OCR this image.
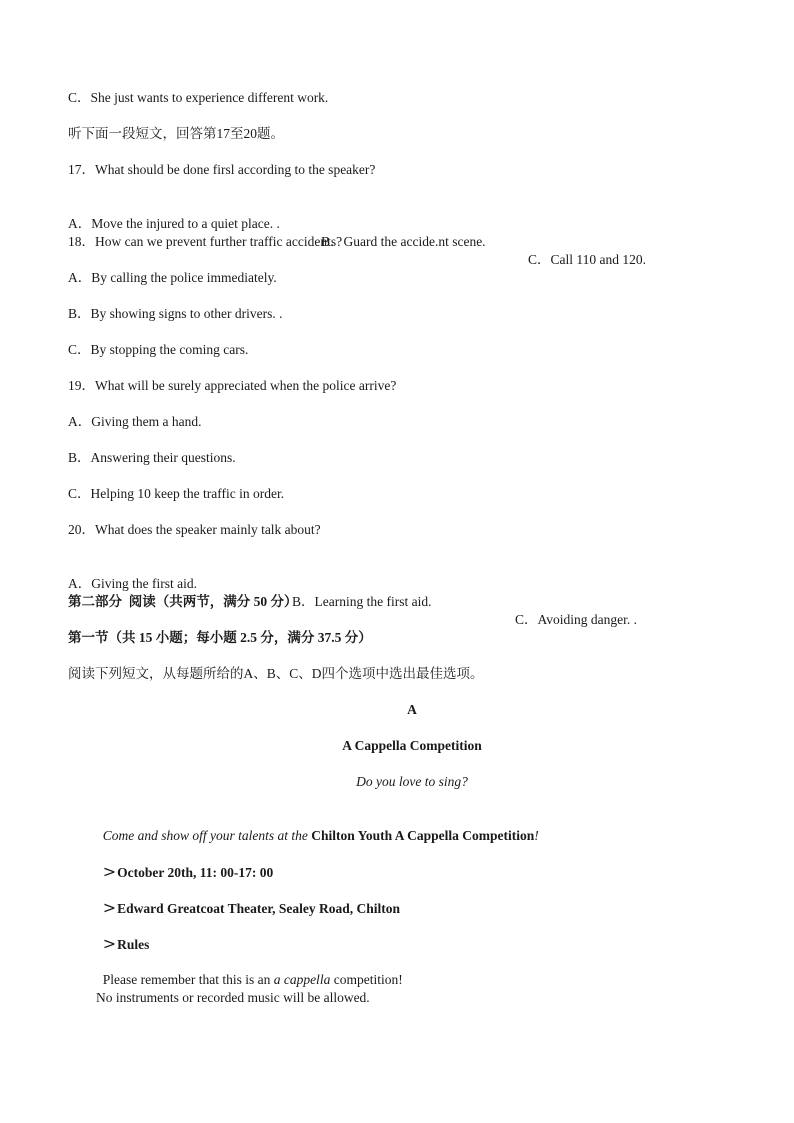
C．She just wants to experience different work.
听下面一段短文，回答第17至20题。
17．What should be done firsl according to the speaker?

A．Move the injured to a quiet place. .

B．Guard the accide.nt scene.

C．Call 110 and 120.

18．How can we prevent further traffic accidents?
A．By calling the police immediately.
B．By showing signs to other drivers. .
C．By stopping the coming cars.
19．What will be surely appreciated when the police arrive?
A．Giving them a hand.
B．Answering their questions.
C．Helping 10 keep the traffic in order.
20．What does the speaker mainly talk about?

A．Giving the first aid.

B．Learning the first aid.

C．Avoiding danger. .

第二部分  阅读（共两节，满分 50 分）
第一节（共 15 小题；每小题 2.5 分，满分 37.5 分）
阅读下列短文，从每题所给的A、B、C、D四个选项中选出最佳选项。
A
A Cappella Competition
Do you love to sing?

Come and show off your talents at the Chilton Youth A Cappella Competition!

>October 20th, 11: 00-17: 00

>Edward Greatcoat Theater, Sealey Road, Chilton

>Rules

Please remember that this is an a cappella competition!

No instruments or recorded music will be allowed.
